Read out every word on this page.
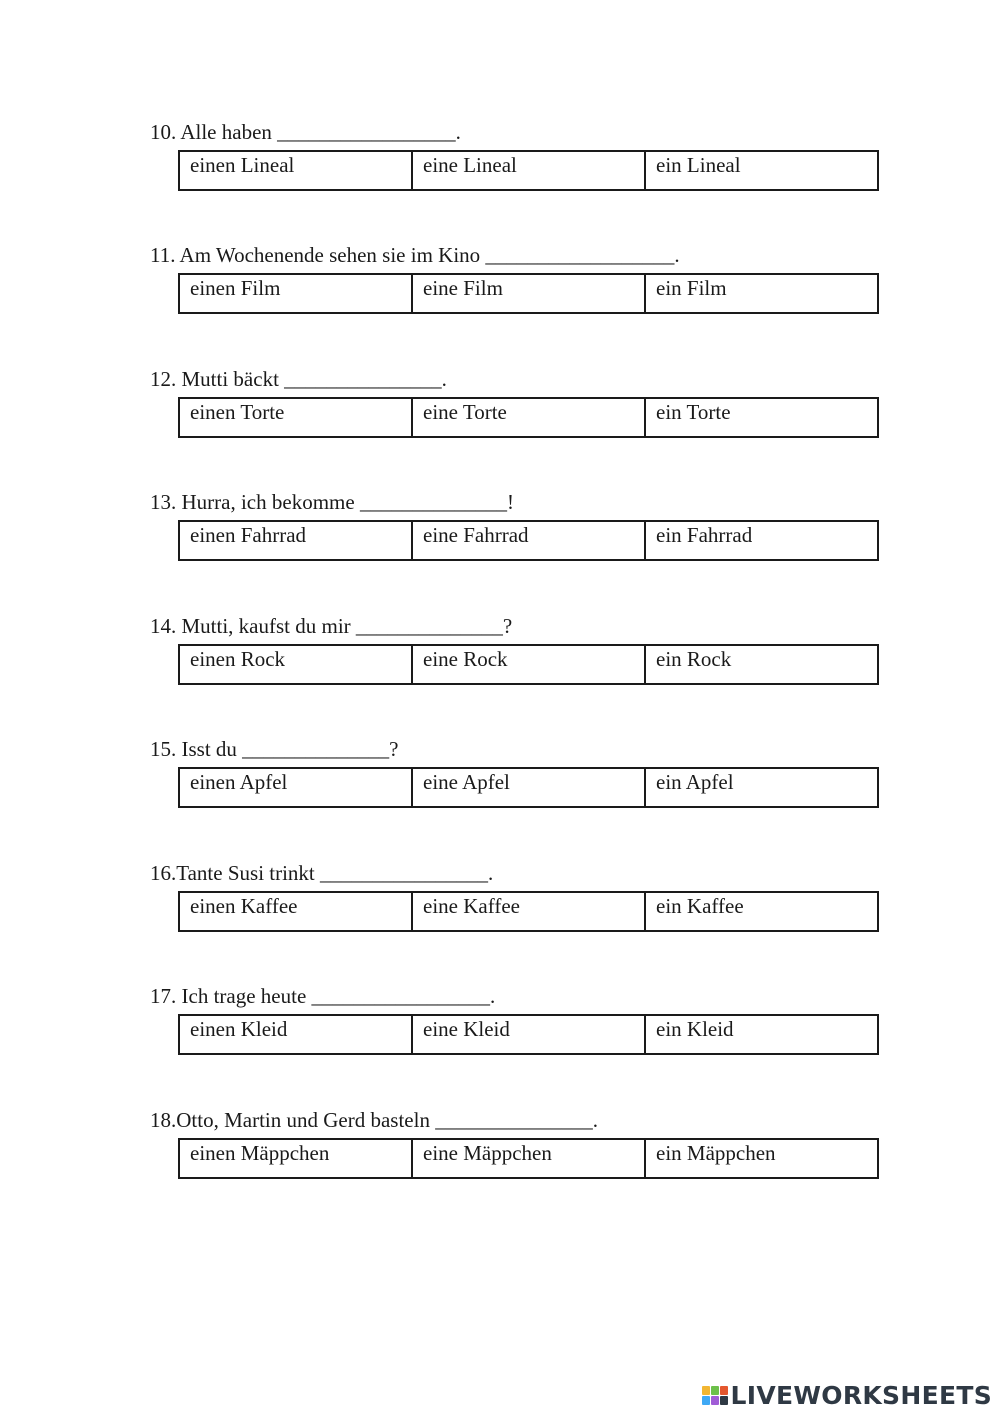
10. Alle haben _________________.
einen Lineal	eine Lineal	ein Lineal
11. Am Wochenende sehen sie im Kino __________________.
einen Film	eine Film	ein Film
12. Mutti bäckt _______________.
einen Torte	eine Torte	ein Torte
13. Hurra, ich bekomme ______________!
einen Fahrrad	eine Fahrrad	ein Fahrrad
14. Mutti, kaufst du mir ______________?
einen Rock	eine Rock	ein Rock
15. Isst du ______________?
einen Apfel	eine Apfel	ein Apfel
16.Tante Susi trinkt ________________.
einen Kaffee	eine Kaffee	ein Kaffee
17. Ich trage heute _________________.
einen Kleid	eine Kleid	ein Kleid
18.Otto, Martin und Gerd basteln _______________.
einen Mäppchen	eine Mäppchen	ein Mäppchen
LIVEWORKSHEETS
